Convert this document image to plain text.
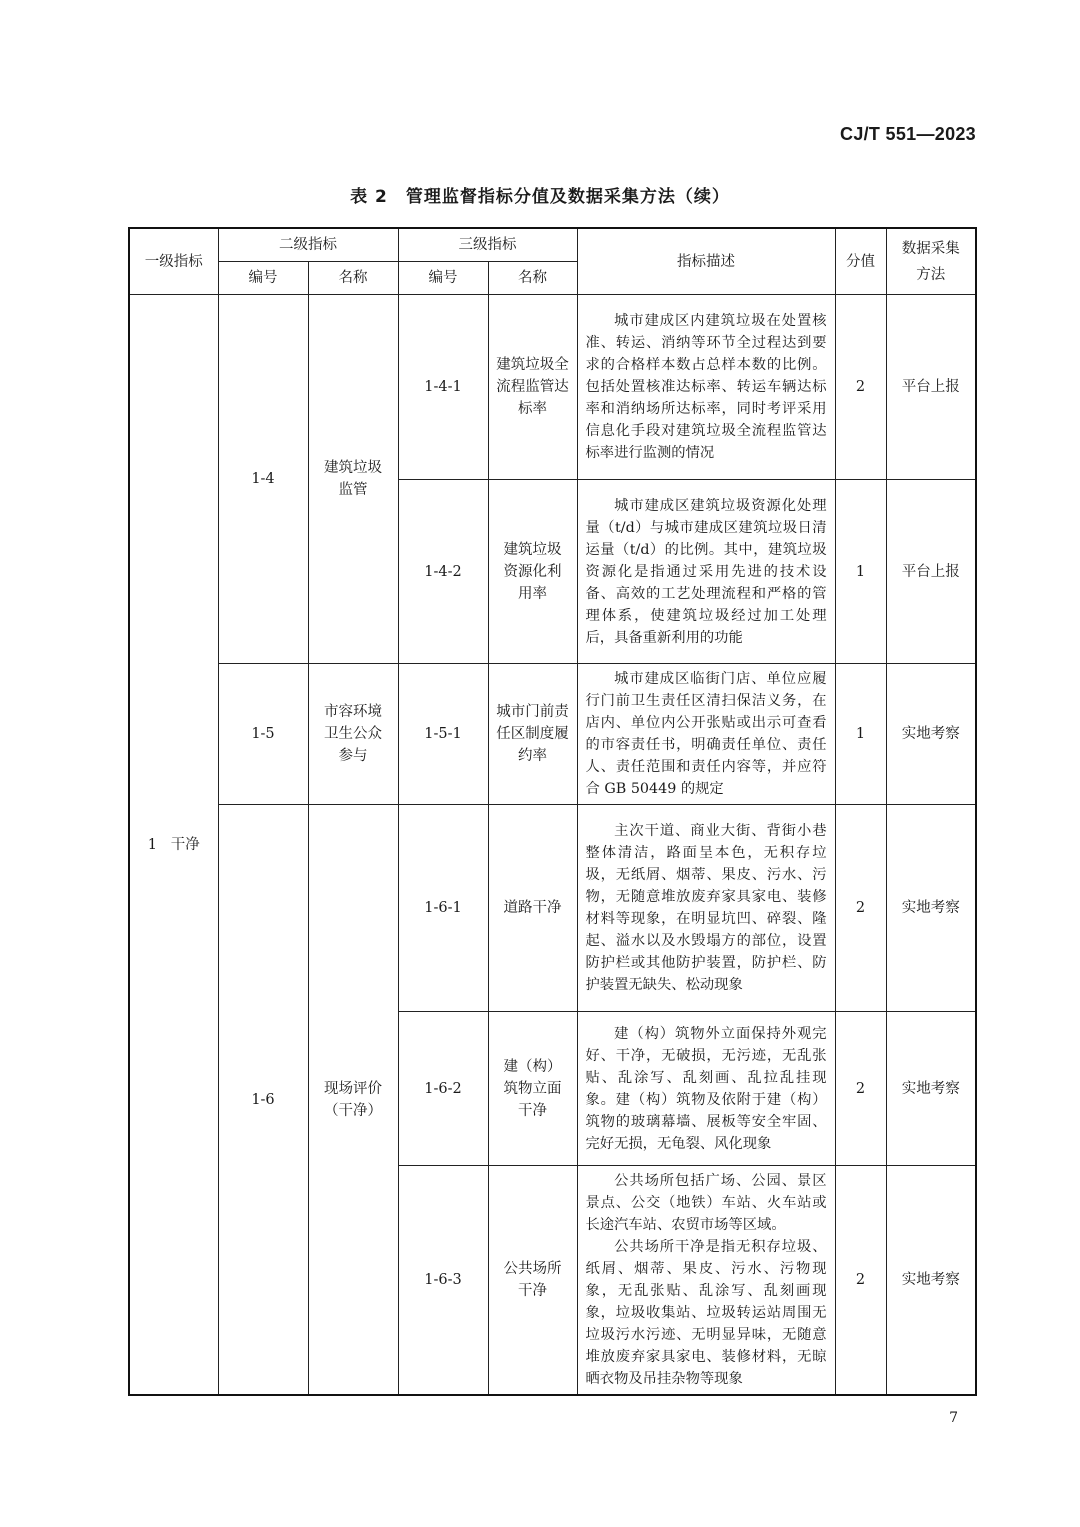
CJ/T 551—2023
表 2　管理监督指标分值及数据采集方法（续）
一级指标	二级指标		三级指标		指标描述	分值	数据采集方法
	编号	名称	编号	名称			
1 干净	1-4	建筑垃圾监管	1-4-1	建筑垃圾全流程监管达标率	城市建成区内建筑垃圾在处置核准、转运、消纳等环节全过程达到要求的合格样本数占总样本数的比例。包括处置核准达标率、转运车辆达标率和消纳场所达标率，同时考评采用信息化手段对建筑垃圾全流程监管达标率进行监测的情况	2	平台上报
			1-4-2	建筑垃圾资源化利用率	城市建成区建筑垃圾资源化处理量（t/d）与城市建成区建筑垃圾日清运量（t/d）的比例。其中，建筑垃圾资源化是指通过采用先进的技术设备、高效的工艺处理流程和严格的管理体系，使建筑垃圾经过加工处理后，具备重新利用的功能	1	平台上报
	1-5	市容环境卫生公众参与	1-5-1	城市门前责任区制度履约率	城市建成区临街门店、单位应履行门前卫生责任区清扫保洁义务，在店内、单位内公开张贴或出示可查看的市容责任书，明确责任单位、责任人、责任范围和责任内容等，并应符合 GB 50449 的规定	1	实地考察
	1-6	现场评价（干净）	1-6-1	道路干净	主次干道、商业大街、背街小巷整体清洁，路面呈本色，无积存垃圾，无纸屑、烟蒂、果皮、污水、污物，无随意堆放废弃家具家电、装修材料等现象，在明显坑凹、碎裂、隆起、溢水以及水毁塌方的部位，设置防护栏或其他防护装置，防护栏、防护装置无缺失、松动现象	2	实地考察
			1-6-2	建（构）筑物立面干净	建（构）筑物外立面保持外观完好、干净，无破损，无污迹，无乱张贴、乱涂写、乱刻画、乱拉乱挂现象。建（构）筑物及依附于建（构）筑物的玻璃幕墙、展板等安全牢固、完好无损，无龟裂、风化现象	2	实地考察
			1-6-3	公共场所干净	公共场所包括广场、公园、景区景点、公交（地铁）车站、火车站或长途汽车站、农贸市场等区域。
公共场所干净是指无积存垃圾、纸屑、烟蒂、果皮、污水、污物现象，无乱张贴、乱涂写、乱刻画现象，垃圾收集站、垃圾转运站周围无垃圾污水污迹、无明显异味，无随意堆放废弃家具家电、装修材料，无晾晒衣物及吊挂杂物等现象	2	实地考察
7
